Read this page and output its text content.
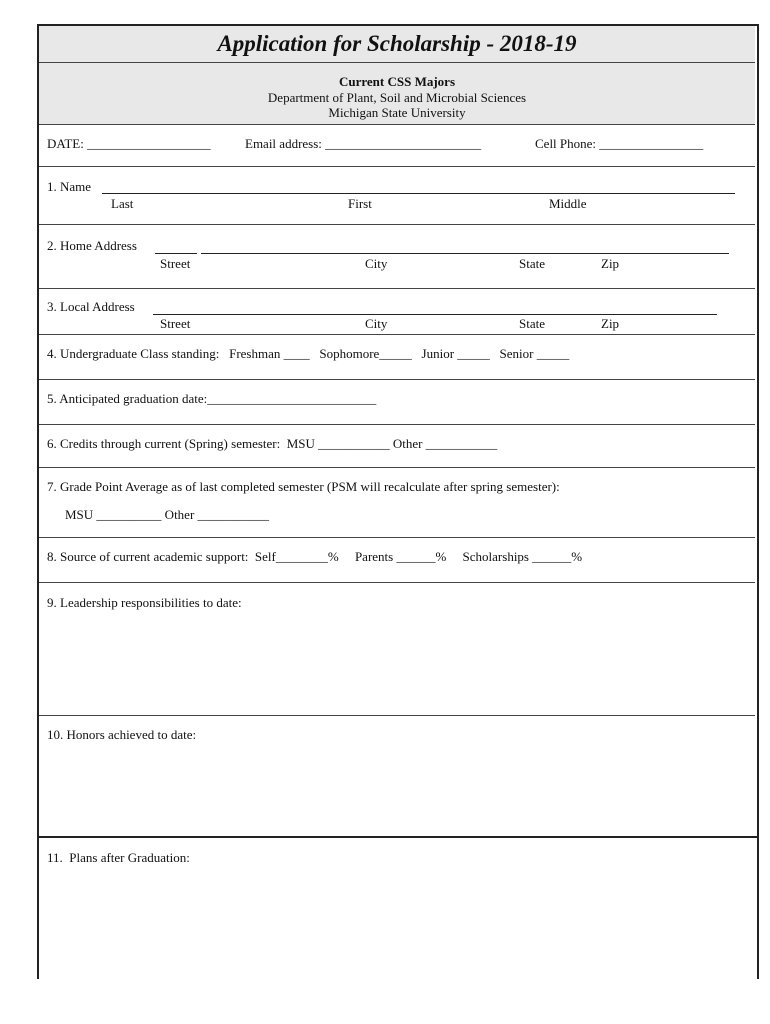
Application for Scholarship - 2018-19
Current CSS Majors
Department of Plant, Soil and Microbial Sciences
Michigan State University
DATE: ___________________	Email address: ________________________	Cell Phone: ________________
1. Name
Last	First	Middle
2. Home Address
Street	City	State	Zip
3. Local Address
Street	City	State	Zip
4. Undergraduate Class standing:   Freshman ____   Sophomore_____   Junior _____   Senior _____
5. Anticipated graduation date:__________________________
6. Credits through current (Spring) semester:  MSU ___________ Other ___________
7. Grade Point Average as of last completed semester (PSM will recalculate after spring semester):
MSU __________ Other ___________
8. Source of current academic support:  Self________%     Parents ______%     Scholarships ______%
9. Leadership responsibilities to date:
10. Honors achieved to date:
11.  Plans after Graduation:
